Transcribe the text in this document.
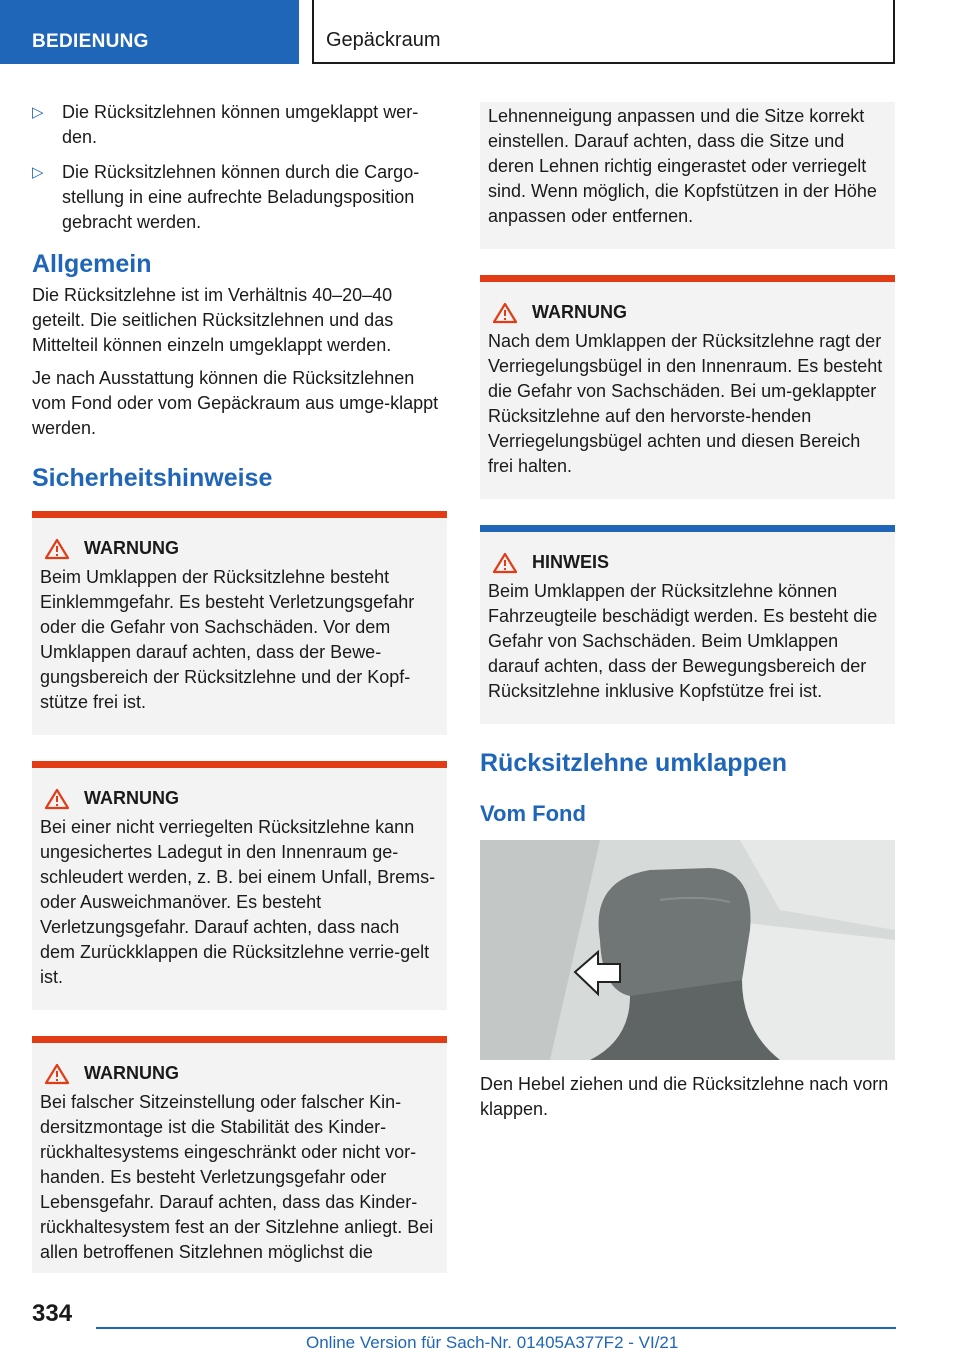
BEDIENUNG	Gepäckraum
▷ Die Rücksitzlehnen können umgeklappt wer-den.
▷ Die Rücksitzlehnen können durch die Cargo-stellung in eine aufrechte Beladungsposition gebracht werden.
Allgemein

Die Rücksitzlehne ist im Verhältnis 40–20–40 geteilt. Die seitlichen Rücksitzlehnen und das Mittelteil können einzeln umgeklappt werden.

Je nach Ausstattung können die Rücksitzlehnen vom Fond oder vom Gepäckraum aus umge-klappt werden.

Sicherheitshinweise
WARNUNG
Beim Umklappen der Rücksitzlehne besteht Einklemmgefahr. Es besteht Verletzungsgefahr oder die Gefahr von Sachschäden. Vor dem Umklappen darauf achten, dass der Bewe-gungsbereich der Rücksitzlehne und der Kopf-stütze frei ist.
WARNUNG
Bei einer nicht verriegelten Rücksitzlehne kann ungesichertes Ladegut in den Innenraum ge-schleudert werden, z. B. bei einem Unfall, Brems- oder Ausweichmanöver. Es besteht Verletzungsgefahr. Darauf achten, dass nach dem Zurückklappen die Rücksitzlehne verrie-gelt ist.
WARNUNG
Bei falscher Sitzeinstellung oder falscher Kin-dersitzmontage ist die Stabilität des Kinder-rückhaltesystems eingeschränkt oder nicht vor-handen. Es besteht Verletzungsgefahr oder Lebensgefahr. Darauf achten, dass das Kinder-rückhaltesystem fest an der Sitzlehne anliegt. Bei allen betroffenen Sitzlehnen möglichst die
Lehnenneigung anpassen und die Sitze korrekt einstellen. Darauf achten, dass die Sitze und deren Lehnen richtig eingerastet oder verriegelt sind. Wenn möglich, die Kopfstützen in der Höhe anpassen oder entfernen.
WARNUNG
Nach dem Umklappen der Rücksitzlehne ragt der Verriegelungsbügel in den Innenraum. Es besteht die Gefahr von Sachschäden. Bei um-geklappter Rücksitzlehne auf den hervorste-henden Verriegelungsbügel achten und diesen Bereich frei halten.
HINWEIS
Beim Umklappen der Rücksitzlehne können Fahrzeugteile beschädigt werden. Es besteht die Gefahr von Sachschäden. Beim Umklappen darauf achten, dass der Bewegungsbereich der Rücksitzlehne inklusive Kopfstütze frei ist.
Rücksitzlehne umklappen
Vom Fond

Den Hebel ziehen und die Rücksitzlehne nach vorn klappen.

334
Online Version für Sach-Nr. 01405A377F2 - VI/21
